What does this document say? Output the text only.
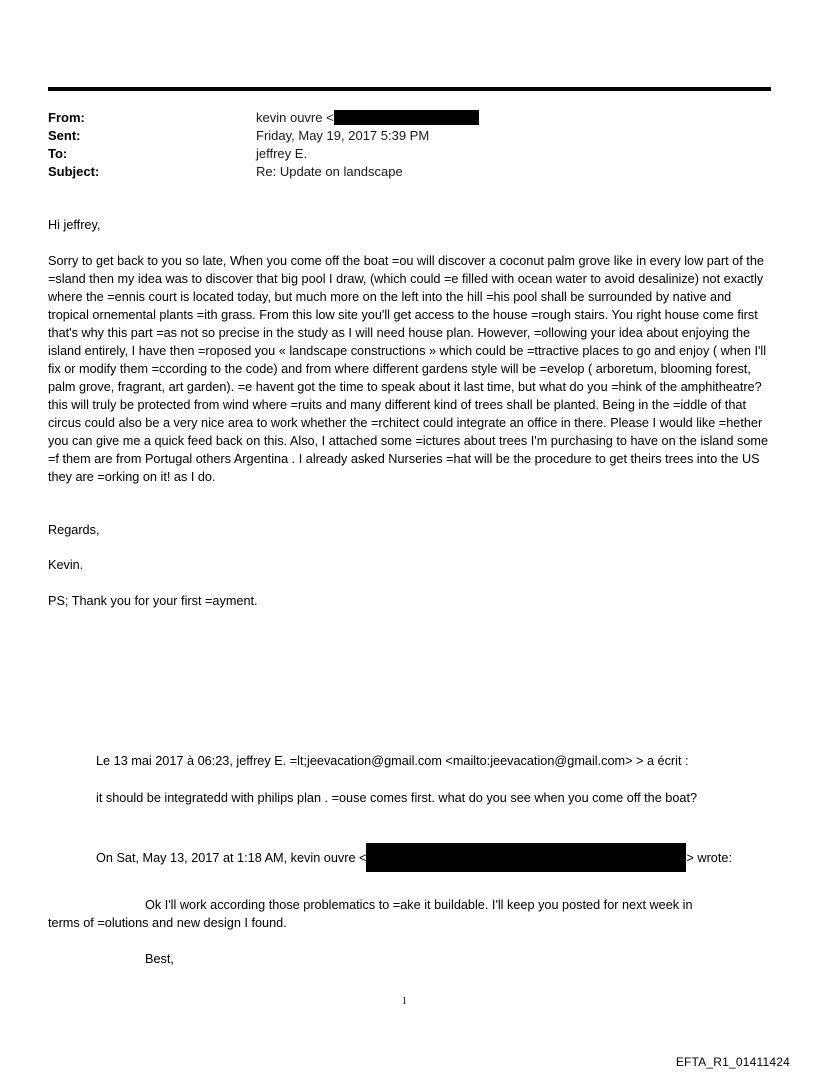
From:	kevin ouvre <
Sent:	Friday, May 19, 2017 5:39 PM
To:	jeffrey E.
Subject:	Re: Update on landscape
Hi jeffrey,

Sorry to get back to you so late, When you come off the boat =ou will discover a coconut palm grove like in every low part of the =sland then my idea was to discover that big pool I draw, (which could =e filled with ocean water to avoid desalinize) not exactly where the =ennis court is located today, but much more on the left into the hill =his pool shall be surrounded by native and tropical ornemental plants =ith grass. From this low site you'll get access to the house =rough stairs. You right house come first that's why this part =as not so precise in the study as I will need house plan. However, =ollowing your idea about enjoying the island entirely, I have then =roposed you « landscape constructions » which could be =ttractive places to go and enjoy ( when I'll fix or modify them =ccording to the code) and from where different gardens style will be =evelop ( arboretum, blooming forest, palm grove, fragrant, art garden). =e havent got the time to speak about it last time, but what do you =hink of the amphitheatre? this will truly be protected from wind where =ruits and many different kind of trees shall be planted. Being in the =iddle of that circus could also be a very nice area to work whether the =rchitect could integrate an office in there. Please I would like =hether you can give me a quick feed back on this. Also, I attached some =ictures about trees I'm purchasing to have on the island some =f them are from Portugal others Argentina . I already asked Nurseries =hat will be the procedure to get theirs trees into the US they are =orking on it! as I do.

Regards,
Kevin.
PS; Thank you for your first =ayment.
Le 13 mai 2017 à 06:23, jeffrey E. =lt;jeevacation@gmail.com <mailto:jeevacation@gmail.com> > a écrit :
it should be integratedd with philips plan . =ouse comes first. what do you see when you come off the boat?
On Sat, May 13, 2017 at 1:18 AM, kevin ouvre <	> wrote:
Ok I'll work according those problematics to =ake it buildable. I'll keep you posted for next week in
terms of =olutions and new design I found.
Best,
1
EFTA_R1_01411424
